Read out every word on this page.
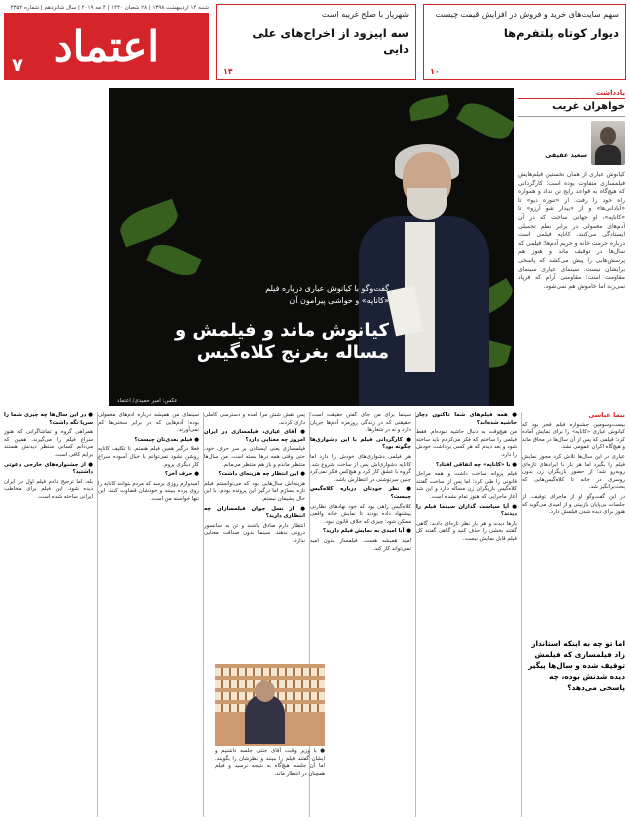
سهم سایت‌های خرید و فروش در افزایش قیمت چیست
دیوار کوتاه پلتفرم‌ها
۱۰
شهریار با صلح غریبه است
سه اپیزود از اخراج‌های علی دایی
۱۴
شنبه ۱۴ اردیبهشت ۱۳۹۸ | ۲۸ شعبان ۱۴۴۰ | ۴ مه ۲۰۱۹ | سال شانزدهم | شماره ۴۳۵۲
اعتماد
۷
یادداشت
خواهران غریب
سعید عقیقی
کیانوش عیاری از همان نخستین فیلم‌هایش فیلمسازی متفاوت بوده است؛ کارگردانی که هیچ‌گاه به قواعد رایج تن نداد و همواره راه خود را رفت. از «تنوره دیو» تا «آبادانی‌ها» و از «بیدار شو آرزو» تا «کاناپه»، او جهانی ساخت که در آن آدم‌های معمولی در برابر نظم تحمیلی ایستادگی می‌کنند. کاناپه فیلمی است درباره حرمت خانه و حریم آدم‌ها؛ فیلمی که سال‌ها در توقیف ماند و هنوز هم پرسش‌هایی را پیش می‌کشد که پاسخی برایشان نیست. سینمای عیاری سینمای مقاومت است؛ مقاومتی آرام که فریاد نمی‌زند اما خاموش هم نمی‌شود.
گفت‌وگو با کیانوش عیاری درباره فیلم «کاناپه» و حواشی پیرامون آن
کیانوش ماند و فیلمش و مساله بغرنج کلاه‌گیس
عکس: امیر حمیدی/ اعتماد
نیما عباسی

بیست‌وسومین جشنواره فیلم فجر بود که کیانوش عیاری «کاناپه» را برای نمایش آماده کرد؛ فیلمی که پس از آن سال‌ها در محاق ماند و هیچ‌گاه اکران عمومی نشد.

عیاری در این سال‌ها تلاش کرد مجوز نمایش فیلم را بگیرد اما هر بار با ایرادهای تازه‌ای روبه‌رو شد؛ از حضور بازیگران زن بدون روسری در خانه تا کلاه‌گیس‌هایی که بحث‌برانگیز شد.

در این گفت‌وگو او از ماجرای توقیف، از جلسات بی‌پایان بازبینی و از امیدی می‌گوید که هنوز برای دیده شدن فیلمش دارد.

اما تو چه به اینکه استاندار زاد فیلمسازی که فیلمش توقیف شده و سال‌ها پیگیر دیده شدنش بوده، چه پاسخی می‌دهد؟

● همه فیلم‌های شما تاکنون دچار حاشیه شده‌اند؟

من هیچ‌وقت به دنبال حاشیه نبوده‌ام. فقط فیلمی را ساختم که فکر می‌کردم باید ساخته شود و بعد دیدم که هر کسی برداشت خودش را دارد.

● با «کاناپه» چه اتفاقی افتاد؟

فیلم پروانه ساخت داشت و همه مراحل قانونی را طی کرد؛ اما پس از ساخت گفتند کلاه‌گیس بازیگران زن مساله دارد و این شد آغاز ماجرایی که هنوز تمام نشده است.

● آیا سیاست‌ گذاران سینما فیلم را دیدند؟

بارها دیدند و هر بار نظر تازه‌ای دادند. گاهی گفتند بخشی را حذف کنید و گاهی گفتند کل فیلم قابل نمایش نیست.

سینما برای من جای گفتن حقیقت است؛ حقیقتی که در زندگی روزمره آدم‌ها جریان دارد و نه در شعارها.

● کارگردانی فیلم با این دشواری‌ها چگونه بود؟

هر فیلمی دشواری‌های خودش را دارد اما کاناپه دشواری‌اش پس از ساخت شروع شد. گروه با عشق کار کرد و هیچ‌کس فکر نمی‌کرد چنین سرنوشتی در انتظارش باشد.

● نظر خودتان درباره کلاه‌گیس چیست؟

کلاه‌گیس راهی بود که خود نهادهای نظارتی پیشنهاد داده بودند تا نمایش خانه واقعی ممکن شود؛ چیزی که خلاف قانون نبود.

● آیا امیدی به نمایش فیلم دارید؟

امید همیشه هست. فیلمساز بدون امید نمی‌تواند کار کند.

پس نقش شش مرا آمده و دسترسی کاملی داری کردند.

● آقای عیاری، فیلمسازی در ایران امروز چه معنایی دارد؟

فیلمسازی یعنی ایستادن بر سر حرف خود، حتی وقتی همه درها بسته است. من سال‌ها منتظر ماندم و باز هم منتظر می‌مانم.

● این انتظار چه هزینه‌ای داشت؟

هزینه‌اش سال‌هایی بود که می‌توانستم فیلم تازه بسازم اما درگیر این پرونده بودم. با این حال پشیمان نیستم.

● از نسل جوان فیلمسازان چه انتظاری دارید؟

انتظار دارم صادق باشند و تن به سانسور درونی ندهند. سینما بدون صداقت معنایی ندارد.

● با وزیر وقت، آقای جنتی جلسه داشتیم و ایشان گفتند فیلم را ببینند و نظرشان را بگویند. اما آن جلسه هیچ‌گاه به نتیجه نرسید و فیلم همچنان در انتظار ماند.

سینمای من همیشه درباره آدم‌های معمولی بوده؛ آدم‌هایی که در برابر سختی‌ها کم نمی‌آورند.

● فیلم بعدی‌تان چیست؟

فعلا درگیر همین فیلم هستم. تا تکلیف کاناپه روشن نشود نمی‌توانم با خیال آسوده سراغ کار دیگری بروم.

● حرف آخر؟

امیدوارم روزی برسد که مردم بتوانند کاناپه را روی پرده ببینند و خودشان قضاوت کنند. این تنها خواسته من است.

● در این سال‌ها چه چیزی شما را سرپا نگه داشت؟

همراهی گروه و تماشاگرانی که هنوز سراغ فیلم را می‌گیرند. همین که می‌دانم کسانی منتظر دیدنش هستند برایم کافی است.

● از جشنواره‌های خارجی دعوتی داشتید؟

بله، اما ترجیح دادم فیلم اول در ایران دیده شود. این فیلم برای مخاطب ایرانی ساخته شده است.
